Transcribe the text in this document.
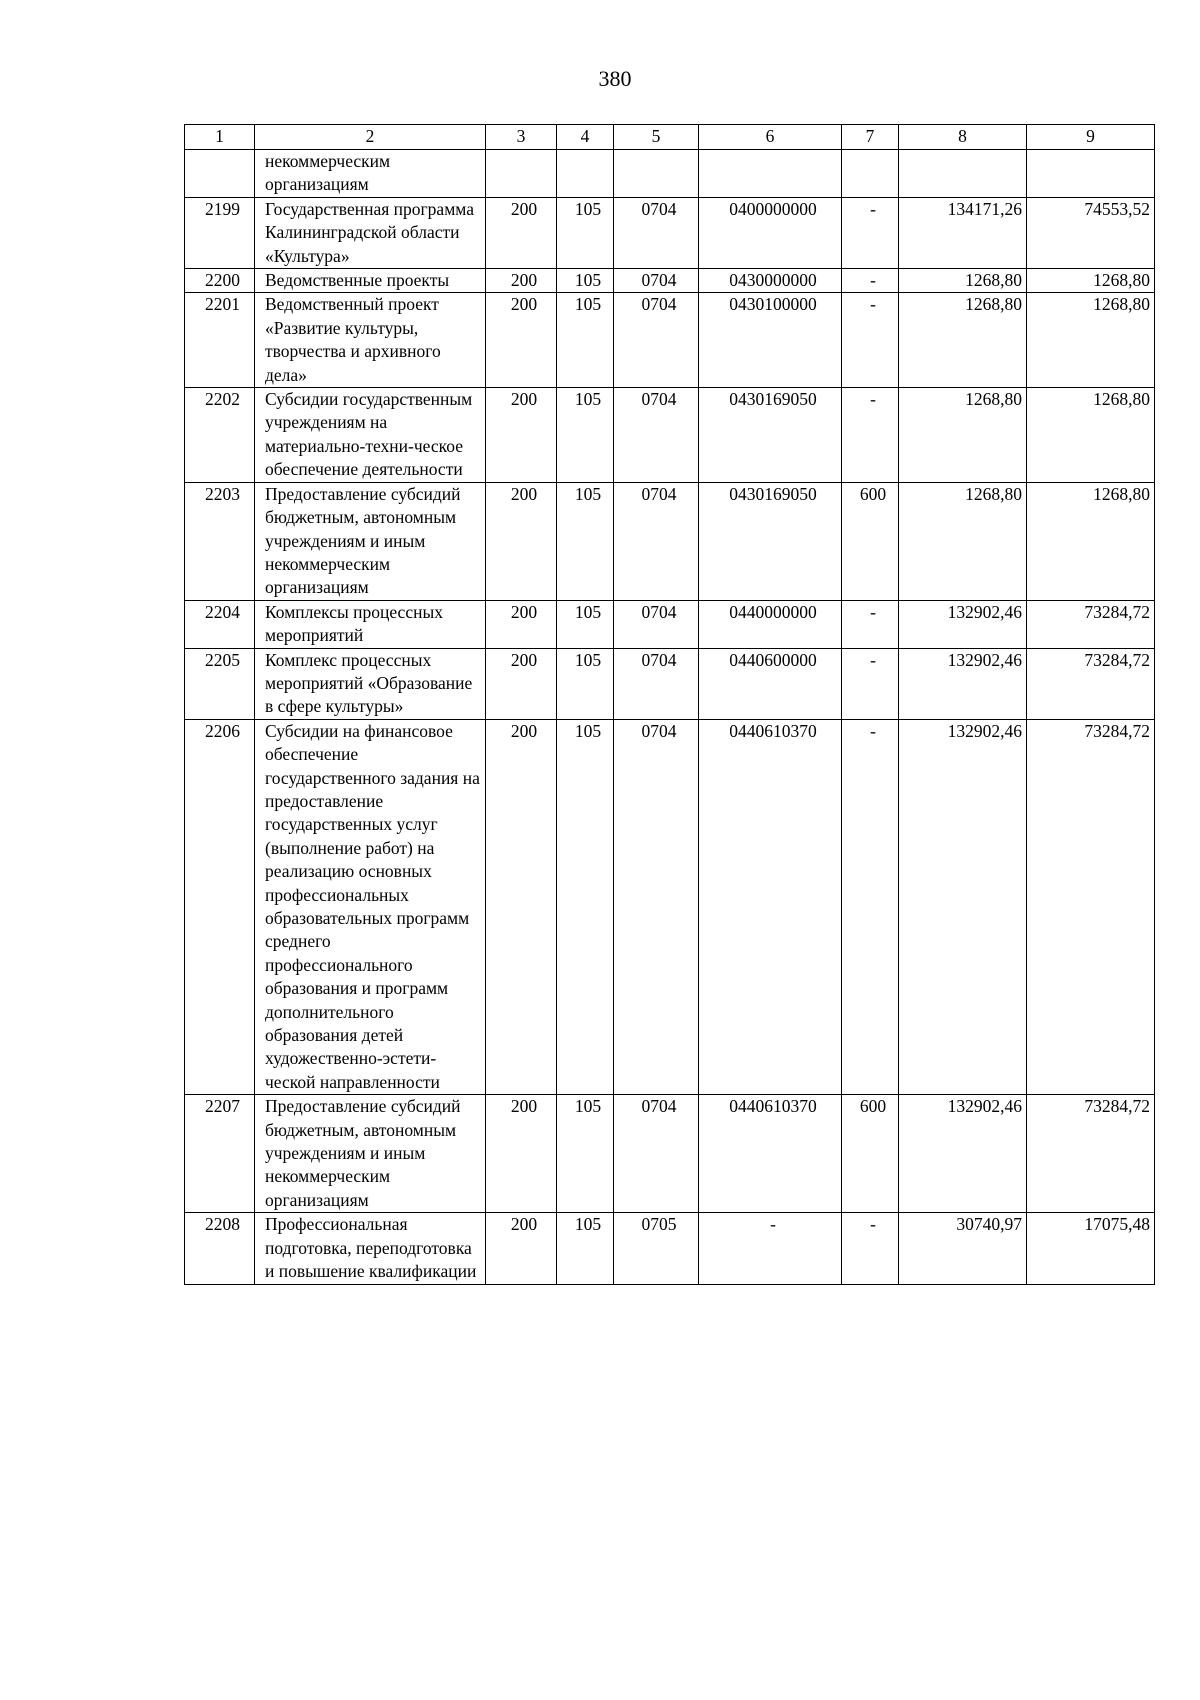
380
1	2	3	4	5	6	7	8	9
	некоммерческим организациям							
2199	Государственная программа Калининградской области «Культура»	200	105	0704	0400000000	-	134171,26	74553,52
2200	Ведомственные проекты	200	105	0704	0430000000	-	1268,80	1268,80
2201	Ведомственный проект «Развитие культуры, творчества и архивного дела»	200	105	0704	0430100000	-	1268,80	1268,80
2202	Субсидии государственным учреждениям на материально-техни-ческое обеспечение деятельности	200	105	0704	0430169050	-	1268,80	1268,80
2203	Предоставление субсидий бюджетным, автономным учреждениям и иным некоммерческим организациям	200	105	0704	0430169050	600	1268,80	1268,80
2204	Комплексы процессных мероприятий	200	105	0704	0440000000	-	132902,46	73284,72
2205	Комплекс процессных мероприятий «Образование в сфере культуры»	200	105	0704	0440600000	-	132902,46	73284,72
2206	Субсидии на финансовое обеспечение государственного задания на предоставление государственных услуг (выполнение работ) на реализацию основных профессиональных образовательных программ среднего профессионального образования и программ дополнительного образования детей художественно-эстети-ческой направленности	200	105	0704	0440610370	-	132902,46	73284,72
2207	Предоставление субсидий бюджетным, автономным учреждениям и иным некоммерческим организациям	200	105	0704	0440610370	600	132902,46	73284,72
2208	Профессиональная подготовка, переподготовка и повышение квалификации	200	105	0705	-	-	30740,97	17075,48
